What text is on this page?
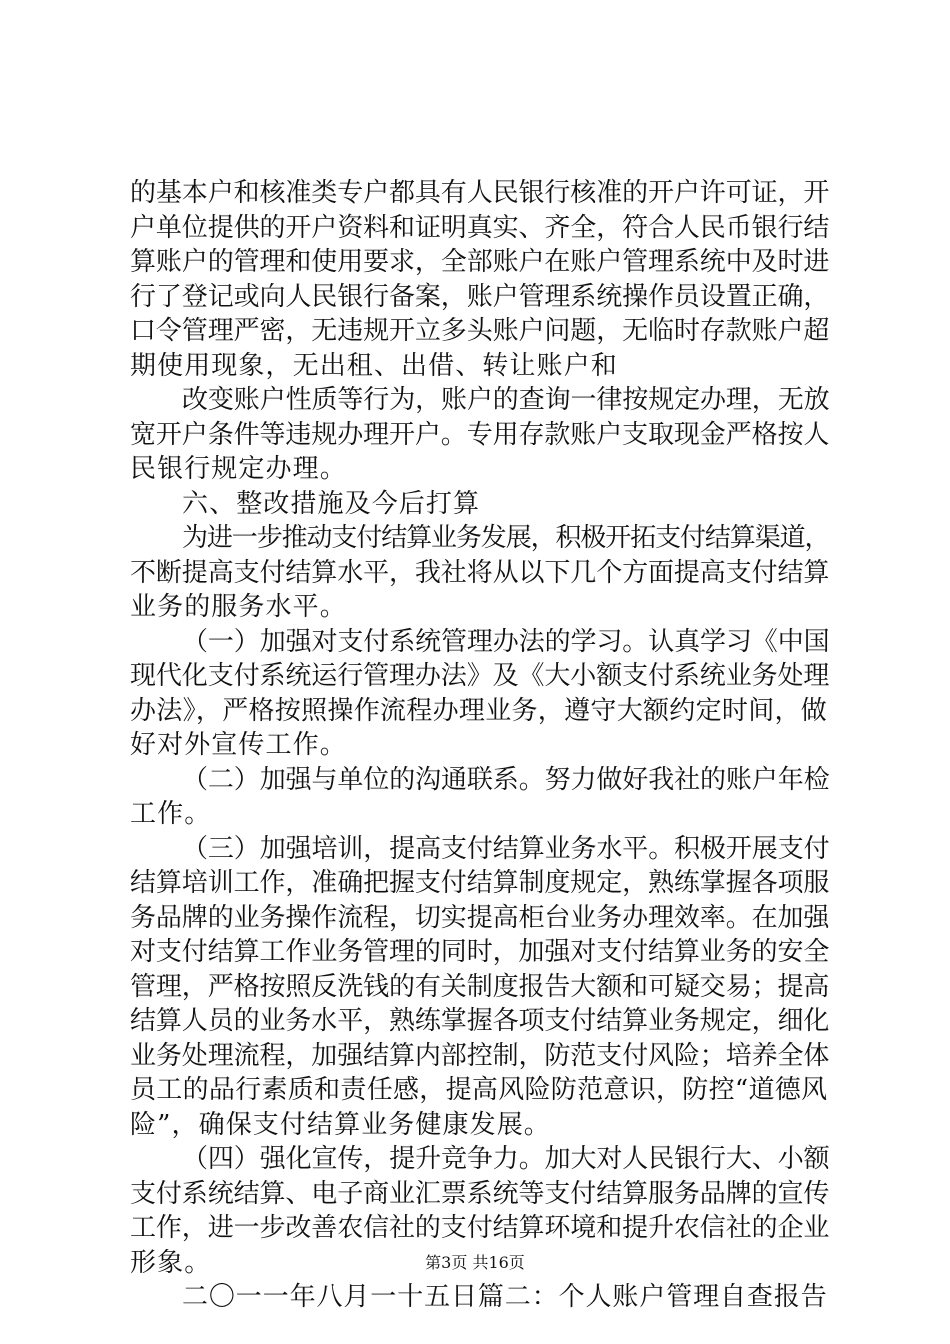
的基本户和核准类专户都具有人民银行核准的开户许可证，开
户单位提供的开户资料和证明真实、齐全，符合人民币银行结
算账户的管理和使用要求，全部账户在账户管理系统中及时进
行了登记或向人民银行备案，账户管理系统操作员设置正确，
口令管理严密，无违规开立多头账户问题，无临时存款账户超
期使用现象，无出租、出借、转让账户和
改变账户性质等行为，账户的查询一律按规定办理，无放
宽开户条件等违规办理开户。专用存款账户支取现金严格按人
民银行规定办理。
六、整改措施及今后打算
为进一步推动支付结算业务发展，积极开拓支付结算渠道，
不断提高支付结算水平，我社将从以下几个方面提高支付结算
业务的服务水平。
（一）加强对支付系统管理办法的学习。认真学习《中国
现代化支付系统运行管理办法》及《大小额支付系统业务处理
办法》，严格按照操作流程办理业务，遵守大额约定时间，做
好对外宣传工作。
（二）加强与单位的沟通联系。努力做好我社的账户年检
工作。
（三）加强培训，提高支付结算业务水平。积极开展支付
结算培训工作，准确把握支付结算制度规定，熟练掌握各项服
务品牌的业务操作流程，切实提高柜台业务办理效率。在加强
对支付结算工作业务管理的同时，加强对支付结算业务的安全
管理，严格按照反洗钱的有关制度报告大额和可疑交易；提高
结算人员的业务水平，熟练掌握各项支付结算业务规定，细化
业务处理流程，加强结算内部控制，防范支付风险；培养全体
员工的品行素质和责任感，提高风险防范意识，防控“道德风
险”，确保支付结算业务健康发展。
（四）强化宣传，提升竞争力。加大对人民银行大、小额
支付系统结算、电子商业汇票系统等支付结算服务品牌的宣传
工作，进一步改善农信社的支付结算环境和提升农信社的企业
形象。
二〇一一年八月一十五日篇二：个人账户管理自查报告
第3页 共16页
